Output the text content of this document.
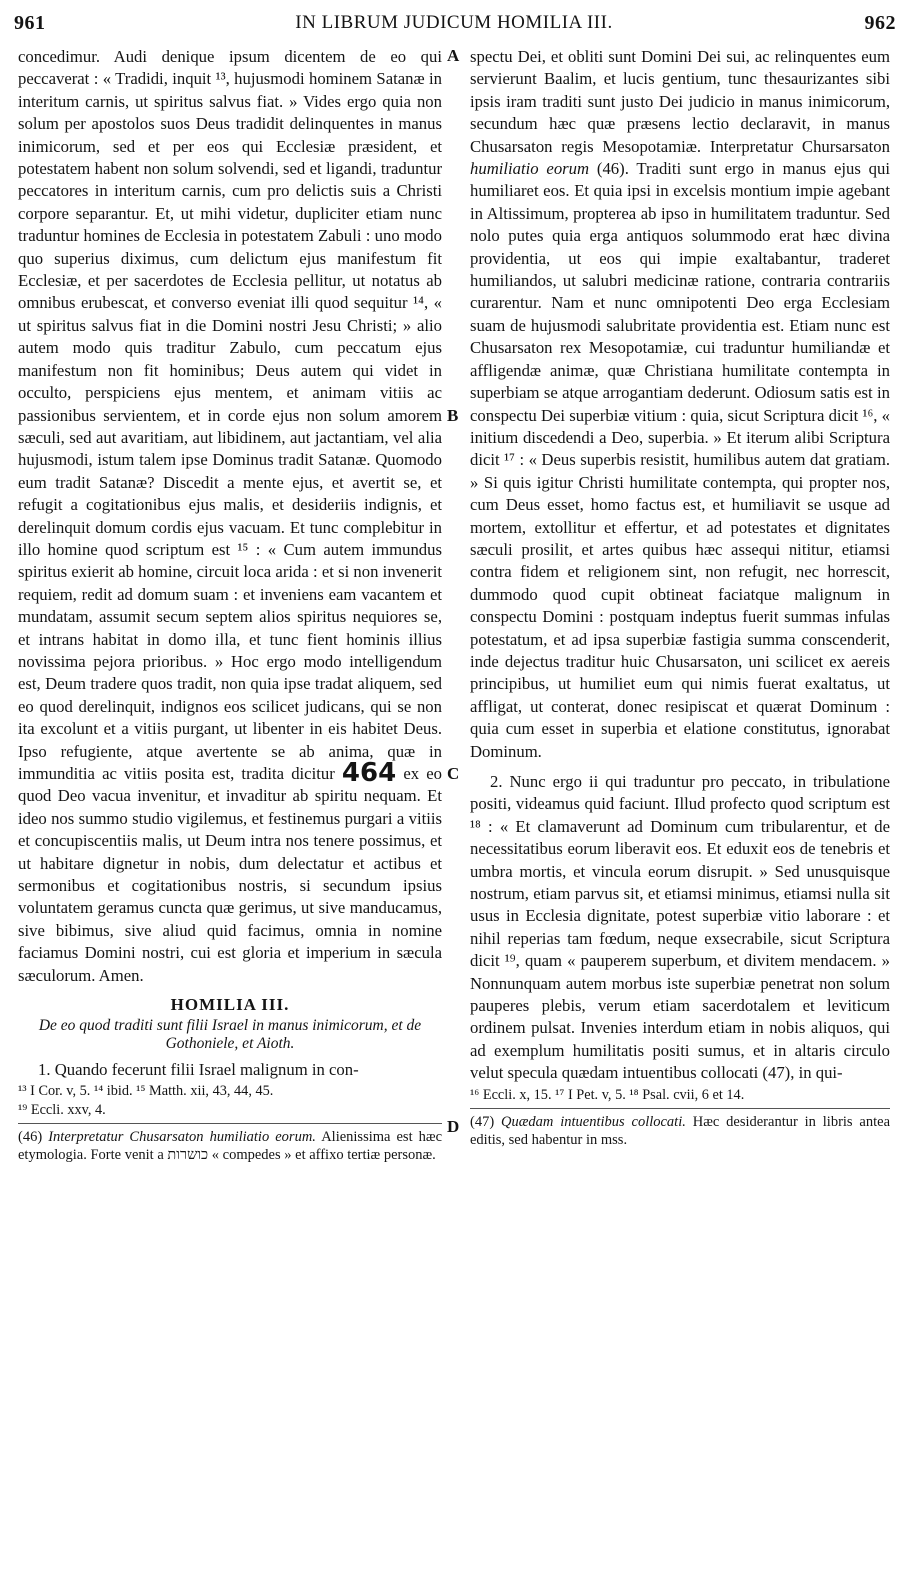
IN LIBRUM JUDICUM HOMILIA III.
961	962
A
B
C
D

concedimur. Audi denique ipsum dicentem de eo qui peccaverat : « Tradidi, inquit ¹³, hujusmodi hominem Satanæ in interitum carnis, ut spiritus salvus fiat. » Vides ergo quia non solum per apostolos suos Deus tradidit delinquentes in manus inimicorum, sed et per eos qui Ecclesiæ præsident, et potestatem habent non solum solvendi, sed et ligandi, traduntur peccatores in interitum carnis, cum pro delictis suis a Christi corpore separantur. Et, ut mihi videtur, dupliciter etiam nunc traduntur homines de Ecclesia in potestatem Zabuli : uno modo quo superius diximus, cum delictum ejus manifestum fit Ecclesiæ, et per sacerdotes de Ecclesia pellitur, ut notatus ab omnibus erubescat, et converso eveniat illi quod sequitur ¹⁴, « ut spiritus salvus fiat in die Domini nostri Jesu Christi; » alio autem modo quis traditur Zabulo, cum peccatum ejus manifestum non fit hominibus; Deus autem qui videt in occulto, perspiciens ejus mentem, et animam vitiis ac passionibus servientem, et in corde ejus non solum amorem sæculi, sed aut avaritiam, aut libidinem, aut jactantiam, vel alia hujusmodi, istum talem ipse Dominus tradit Satanæ. Quomodo eum tradit Satanæ? Discedit a mente ejus, et avertit se, et refugit a cogitationibus ejus malis, et desideriis indignis, et derelinquit domum cordis ejus vacuam. Et tunc complebitur in illo homine quod scriptum est ¹⁵ : « Cum autem immundus spiritus exierit ab homine, circuit loca arida : et si non invenerit requiem, redit ad domum suam : et inveniens eam vacantem et mundatam, assumit secum septem alios spiritus nequiores se, et intrans habitat in domo illa, et tunc fient hominis illius novissima pejora prioribus. » Hoc ergo modo intelligendum est, Deum tradere quos tradit, non quia ipse tradat aliquem, sed eo quod derelinquit, indignos eos scilicet judicans, qui se non ita excolunt et a vitiis purgant, ut libenter in eis habitet Deus. Ipso refugiente, atque avertente se ab anima, quæ in immunditia ac vitiis posita est, tradita dicitur 464 ex eo quod Deo vacua invenitur, et invaditur ab spiritu nequam. Et ideo nos summo studio vigilemus, et festinemus purgari a vitiis et concupiscentiis malis, ut Deum intra nos tenere possimus, et ut habitare dignetur in nobis, dum delectatur et actibus et sermonibus et cogitationibus nostris, si secundum ipsius voluntatem geramus cuncta quæ gerimus, ut sive manducamus, sive bibimus, sive aliud quid facimus, omnia in nomine faciamus Domini nostri, cui est gloria et imperium in sæcula sæculorum. Amen.

HOMILIA III.
De eo quod traditi sunt filii Israel in manus inimicorum, et de Gothoniele, et Aioth.

1. Quando fecerunt filii Israel malignum in con-

¹³ I Cor. v, 5. ¹⁴ ibid. ¹⁵ Matth. xii, 43, 44, 45.
¹⁹ Eccli. xxv, 4.

(46) Interpretatur Chusarsaton humiliatio eorum. Alienissima est hæc etymologia. Forte venit a כושרות « compedes » et affixo tertiæ personæ.

spectu Dei, et obliti sunt Domini Dei sui, ac relinquentes eum servierunt Baalim, et lucis gentium, tunc thesaurizantes sibi ipsis iram traditi sunt justo Dei judicio in manus inimicorum, secundum hæc quæ præsens lectio declaravit, in manus Chusarsaton regis Mesopotamiæ. Interpretatur Chursarsaton humiliatio eorum (46). Traditi sunt ergo in manus ejus qui humiliaret eos. Et quia ipsi in excelsis montium impie agebant in Altissimum, propterea ab ipso in humilitatem traduntur. Sed nolo putes quia erga antiquos solummodo erat hæc divina providentia, ut eos qui impie exaltabantur, traderet humiliandos, ut salubri medicinæ ratione, contraria contrariis curarentur. Nam et nunc omnipotenti Deo erga Ecclesiam suam de hujusmodi salubritate providentia est. Etiam nunc est Chusarsaton rex Mesopotamiæ, cui traduntur humiliandæ et affligendæ animæ, quæ Christiana humilitate contempta in superbiam se atque arrogantiam dederunt. Odiosum satis est in conspectu Dei superbiæ vitium : quia, sicut Scriptura dicit ¹⁶, « initium discedendi a Deo, superbia. » Et iterum alibi Scriptura dicit ¹⁷ : « Deus superbis resistit, humilibus autem dat gratiam. » Si quis igitur Christi humilitate contempta, qui propter nos, cum Deus esset, homo factus est, et humiliavit se usque ad mortem, extollitur et effertur, et ad potestates et dignitates sæculi prosilit, et artes quibus hæc assequi nititur, etiamsi contra fidem et religionem sint, non refugit, nec horrescit, dummodo quod cupit obtineat faciatque malignum in conspectu Domini : postquam indeptus fuerit summas infulas potestatum, et ad ipsa superbiæ fastigia summa conscenderit, inde dejectus traditur huic Chusarsaton, uni scilicet ex aereis principibus, ut humiliet eum qui nimis fuerat exaltatus, ut affligat, ut conterat, donec resipiscat et quærat Dominum : quia cum esset in superbia et elatione constitutus, ignorabat Dominum.

2. Nunc ergo ii qui traduntur pro peccato, in tribulatione positi, videamus quid faciunt. Illud profecto quod scriptum est ¹⁸ : « Et clamaverunt ad Dominum cum tribularentur, et de necessitatibus eorum liberavit eos. Et eduxit eos de tenebris et umbra mortis, et vincula eorum disrupit. » Sed unusquisque nostrum, etiam parvus sit, et etiamsi minimus, etiamsi nulla sit usus in Ecclesia dignitate, potest superbiæ vitio laborare : et nihil reperias tam fœdum, neque exsecrabile, sicut Scriptura dicit ¹⁹, quam « pauperem superbum, et divitem mendacem. » Nonnunquam autem morbus iste superbiæ penetrat non solum pauperes plebis, verum etiam sacerdotalem et leviticum ordinem pulsat. Invenies interdum etiam in nobis aliquos, qui ad exemplum humilitatis positi sumus, et in altaris circulo velut specula quædam intuentibus collocati (47), in qui-

¹⁶ Eccli. x, 15. ¹⁷ I Pet. v, 5. ¹⁸ Psal. cvii, 6 et 14.

(47) Quædam intuentibus collocati. Hæc desiderantur in libris antea editis, sed habentur in mss.
